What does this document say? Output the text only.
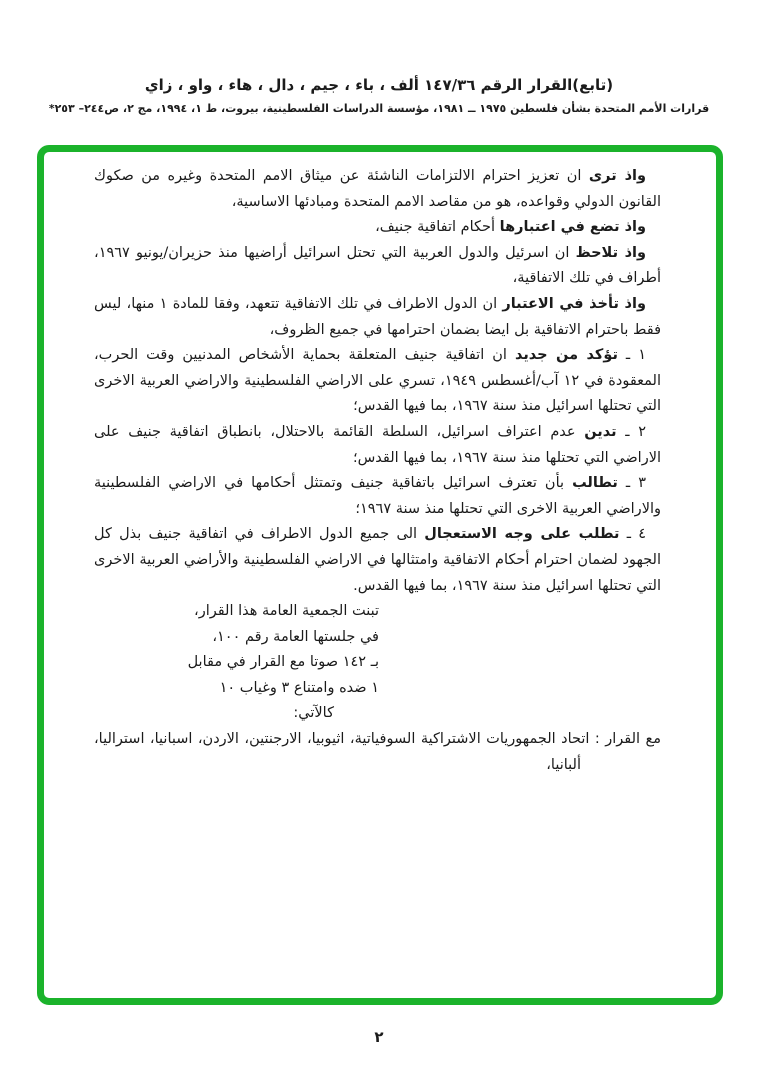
(تابع)القرار الرقم ١٤٧/٣٦ ألف ، باء ، جيم ، دال ، هاء ، واو ، زاي
قرارات الأمم المتحدة بشأن فلسطين ١٩٧٥ ــ ١٩٨١، مؤسسة الدراسات الفلسطينية، بيروت، ط ١، ١٩٩٤، مج ٢، ص٢٤٤– ٢٥٣*

واذ ترى ان تعزيز احترام الالتزامات الناشئة عن ميثاق الامم المتحدة وغيره من صكوك القانون الدولي وقواعده، هو من مقاصد الامم المتحدة ومبادئها الاساسية،

واذ تضع في اعتبارها أحكام اتفاقية جنيف،

واذ تلاحظ ان اسرئيل والدول العربية التي تحتل اسرائيل أراضيها منذ حزيران/يونيو ١٩٦٧، أطراف في تلك الاتفاقية،

واذ تأخذ في الاعتبار ان الدول الاطراف في تلك الاتفاقية تتعهد، وفقا للمادة ١ منها، ليس فقط باحترام الاتفاقية بل ايضا بضمان احترامها في جميع الظروف،

١ ـ تؤكد من جديد ان اتفاقية جنيف المتعلقة بحماية الأشخاص المدنيين وقت الحرب، المعقودة في ١٢ آب/أغسطس ١٩٤٩، تسري على الاراضي الفلسطينية والاراضي العربية الاخرى التي تحتلها اسرائيل منذ سنة ١٩٦٧، بما فيها القدس؛

٢ ـ تدين عدم اعتراف اسرائيل، السلطة القائمة بالاحتلال، بانطباق اتفاقية جنيف على الاراضي التي تحتلها منذ سنة ١٩٦٧، بما فيها القدس؛

٣ ـ تطالب بأن تعترف اسرائيل باتفاقية جنيف وتمتثل أحكامها في الاراضي الفلسطينية والاراضي العربية الاخرى التي تحتلها منذ سنة ١٩٦٧؛

٤ ـ تطلب على وجه الاستعجال الى جميع الدول الاطراف في اتفاقية جنيف بذل كل الجهود لضمان احترام أحكام الاتفاقية وامتثالها في الاراضي الفلسطينية والأراضي العربية الاخرى التي تحتلها اسرائيل منذ سنة ١٩٦٧، بما فيها القدس.

تبنت الجمعية العامة هذا القرار،
في جلستها العامة رقم ١٠٠،
بـ ١٤٢ صوتا مع القرار في مقابل
١ ضده وامتناع ٣ وغياب ١٠
كالآتي:

مع القرار : اتحاد الجمهوريات الاشتراكية السوفياتية، اثيوبيا، الارجنتين، الاردن، اسبانيا، استراليا، ألبانيا،

٢
